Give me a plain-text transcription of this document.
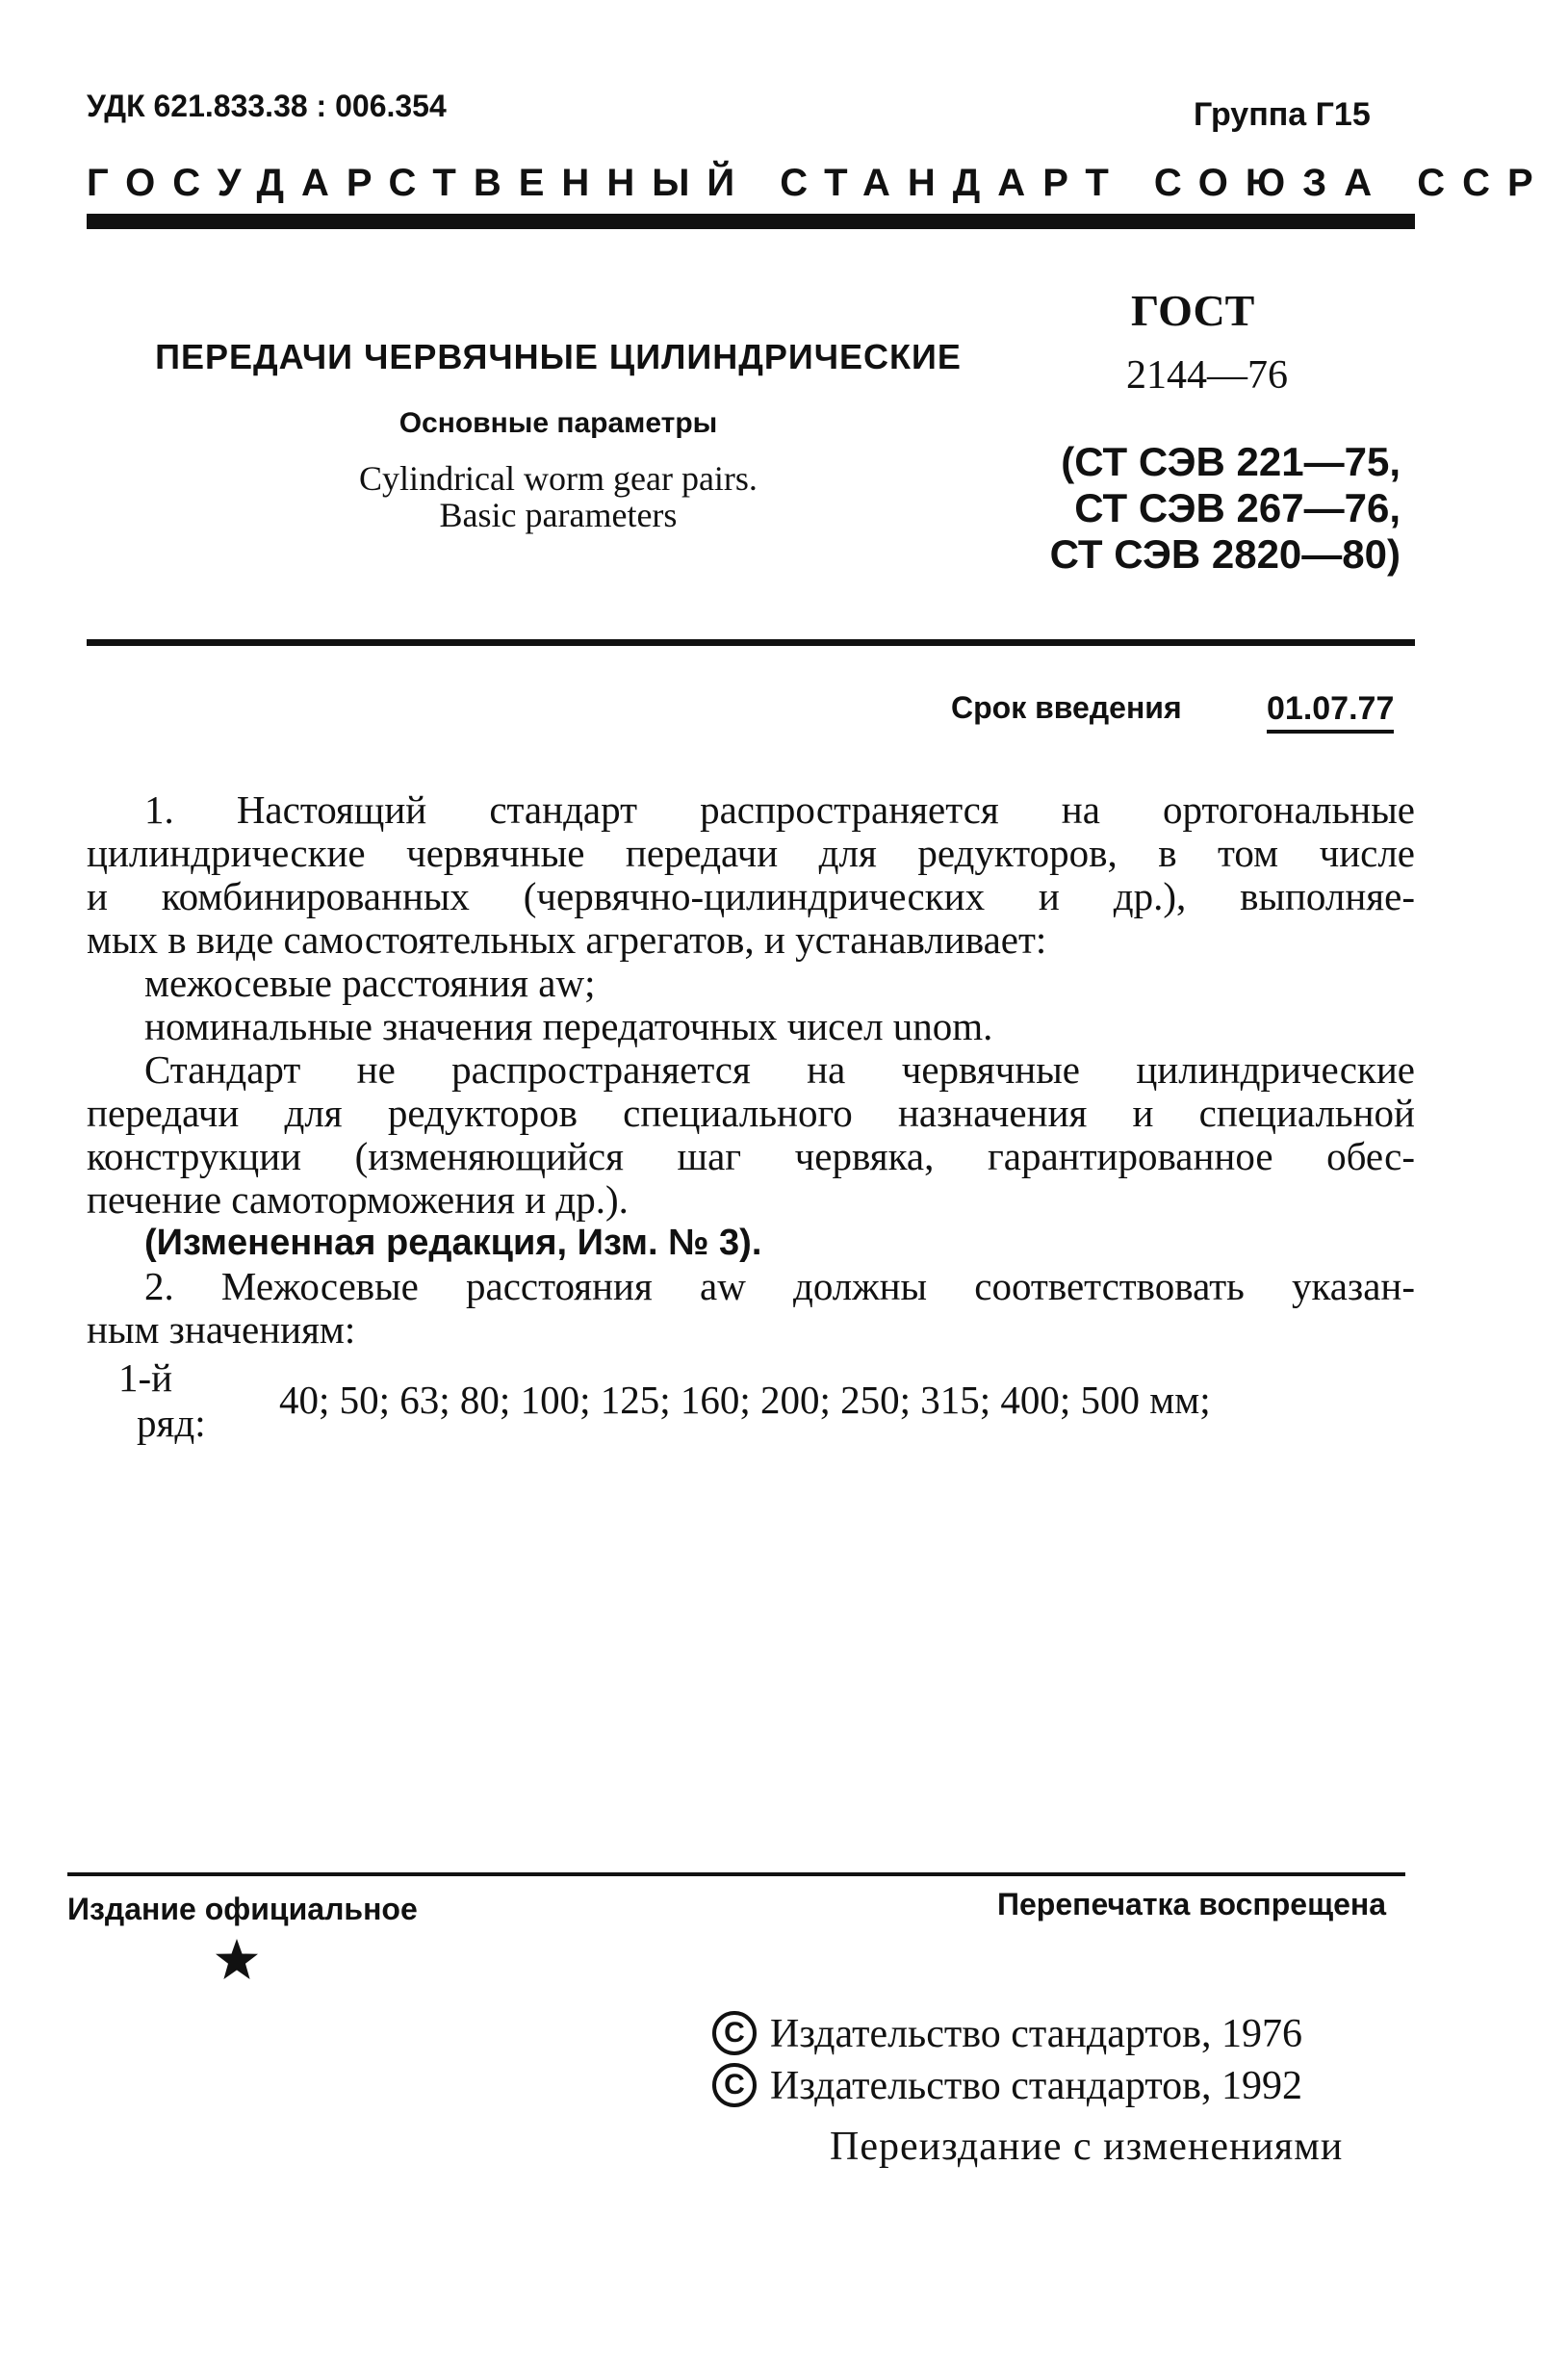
УДК 621.833.38 : 006.354	Группа Г15
ГОСУДАРСТВЕННЫЙ СТАНДАРТ СОЮЗА ССР
ПЕРЕДАЧИ ЧЕРВЯЧНЫЕ ЦИЛИНДРИЧЕСКИЕ
Основные параметры
Cylindrical worm gear pairs.
Basic parameters
ГОСТ
2144—76
(СТ СЭВ 221—75,
СТ СЭВ 267—76,
СТ СЭВ 2820—80)
Срок введения	01.07.77
1. Настоящий стандарт распространяется на ортогональные
цилиндрические червячные передачи для редукторов, в том числе
и комбинированных (червячно-цилиндрических и др.), выполняе-
мых в виде самостоятельных агрегатов, и устанавливает:
межосевые расстояния aw;
номинальные значения передаточных чисел unom.
Стандарт не распространяется на червячные цилиндрические
передачи для редукторов специального назначения и специальной
конструкции (изменяющийся шаг червяка, гарантированное обес-
печение самоторможения и др.).
(Измененная редакция, Изм. № 3).
2. Межосевые расстояния aw должны соответствовать указан-
ным значениям:
1-й
ряд:
40; 50; 63; 80; 100; 125; 160; 200; 250; 315; 400; 500 мм;
Издание официальное	Перепечатка воспрещена
C Издательство стандартов, 1976
C Издательство стандартов, 1992
Переиздание с изменениями
